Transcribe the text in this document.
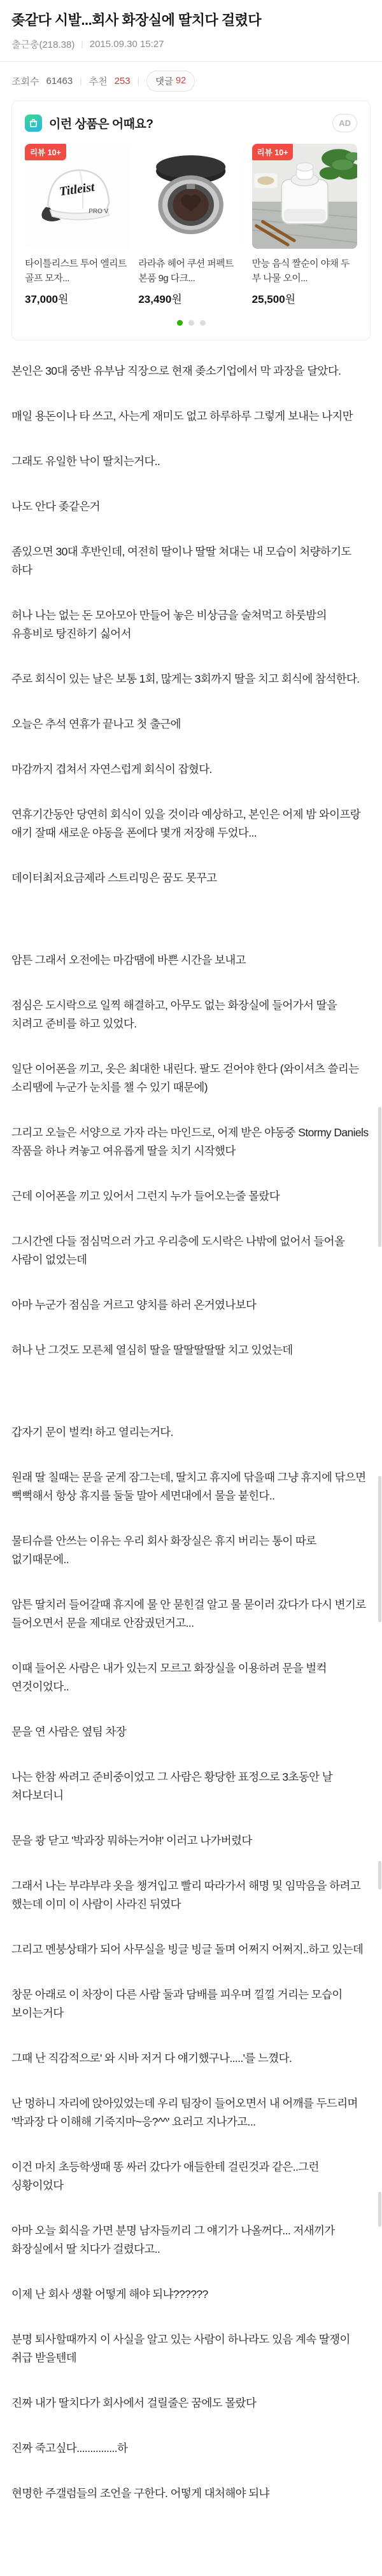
좆같다 시발...회사 화장실에 딸치다 걸렸다
출근충(218.38) | 2015.09.30 15:27
조회수 61463 | 추천 253 | 댓글 92
이런 상품은 어때요?	AD
Titleist
PRO V
리뷰 10+
타이틀리스트 투어 엘리트 골프 모자...
37,000원
라라츄 헤어 쿠션 퍼펙트 본품 9g 다크...
23,490원
리뷰 10+
만능 음식 짤순이 야채 두부 나물 오이...
25,500원

본인은 30대 중반 유부남 직장으로 현재 좆소기업에서 막 과장을 달았다.

매일 용돈이나 타 쓰고, 사는게 재미도 없고 하루하루 그렇게 보내는 나지만

그래도 유일한 낙이 딸치는거다..

나도 안다 좆같은거

좀있으면 30대 후반인데, 여전히 딸이나 딸딸 쳐대는 내 모습이 처량하기도 하다

허나 나는 없는 돈 모아모아 만들어 놓은 비상금을 술쳐먹고 하룻밤의 유흥비로 탕진하기 싫어서

주로 회식이 있는 날은 보통 1회, 많게는 3회까지 딸을 치고 회식에 참석한다.

오늘은 추석 연휴가 끝나고 첫 출근에

마감까지 겹쳐서 자연스럽게 회식이 잡혔다.

연휴기간동안 당연히 회식이 있을 것이라 예상하고, 본인은 어제 밤 와이프랑 애기 잘때 새로운 야동을 폰에다 몇개 저장해 두었다...

데이터최저요금제라 스트리밍은 꿈도 못꾸고

암튼 그래서 오전에는 마감땜에 바쁜 시간을 보내고

점심은 도시락으로 일찍 해결하고, 아무도 없는 화장실에 들어가서 딸을 치려고 준비를 하고 있었다.

일단 이어폰을 끼고, 옷은 최대한 내린다. 팔도 걷어야 한다 (와이셔츠 쓸리는 소리땜에 누군가 눈치를 챌 수 있기 때문에)

그리고 오늘은 서양으로 가자 라는 마인드로, 어제 받은 야동중 Stormy Daniels 작품을 하나 켜놓고 여유롭게 딸을 치기 시작했다

근데 이어폰을 끼고 있어서 그런지 누가 들어오는줄 몰랐다

그시간엔 다들 점심먹으러 가고 우리층에 도시락은 나밖에 없어서 들어올 사람이 없었는데

아마 누군가 점심을 거르고 양치를 하러 온거였나보다

허나 난 그것도 모른체 열심히 딸을 딸딸딸딸딸 치고 있었는데

갑자기 문이 벌컥! 하고 열리는거다.

원래 딸 칠때는 문을 굳게 잠그는데, 딸치고 휴지에 닦을때 그냥 휴지에 닦으면 뻑뻑해서 항상 휴지를 둘둘 말아 세면대에서 물을 붙힌다..

물티슈를 안쓰는 이유는 우리 회사 화장실은 휴지 버리는 통이 따로 없기때문에..

암튼 딸치러 들어갈때 휴지에 물 안 묻힌걸 알고 물 묻이러 갔다가 다시 변기로 들어오면서 문을 제대로 안잠궜던거고...

이때 들어온 사람은 내가 있는지 모르고 화장실을 이용하려 문을 벌컥 연것이었다..

문을 연 사람은 옆팀 차장

나는 한참 싸려고 준비중이었고 그 사람은 황당한 표정으로 3초동안 날 쳐다보더니

문을 쾅 닫고 '박과장 뭐하는거야!' 이러고 나가버렸다

그래서 나는 부랴부랴 옷을 챙겨입고 빨리 따라가서 해명 및 임막음을 하려고 했는데 이미 이 사람이 사라진 뒤였다

그리고 멘붕상태가 되어 사무실을 빙글 빙글 돌며 어쩌지 어쩌지..하고 있는데

창문 아래로 이 차장이 다른 사람 둘과 담배를 피우며 낄낄 거리는 모습이 보이는거다

그때 난 직감적으로' 와 시바 저거 다 얘기했구나.....'를 느꼈다.

난 멍하니 자리에 앉아있었는데 우리 팀장이 들어오면서 내 어깨를 두드리며 '박과장 다 이해해 기죽지마~응?^^' 요러고 지나가고...

이건 마치 초등학생때 똥 싸러 갔다가 애들한테 걸린것과 같은..그런 싱황이었다

아마 오늘 회식을 가면 분명 남자들끼리 그 얘기가 나올꺼다... 저새끼가 화장실에서 딸 치다가 걸렸다고..

이제 난 회사 생활 어떻게 해야 되냐??????

분명 퇴사할때까지 이 사실을 알고 있는 사람이 하나라도 있음 계속 딸쟁이 취급 받을텐데

진짜 내가 딸치다가 회사에서 걸릴줄은 꿈에도 몰랐다

진짜 죽고싶다...............하

현명한 주갤럼들의 조언을 구한다. 어떻게 대처해야 되냐
